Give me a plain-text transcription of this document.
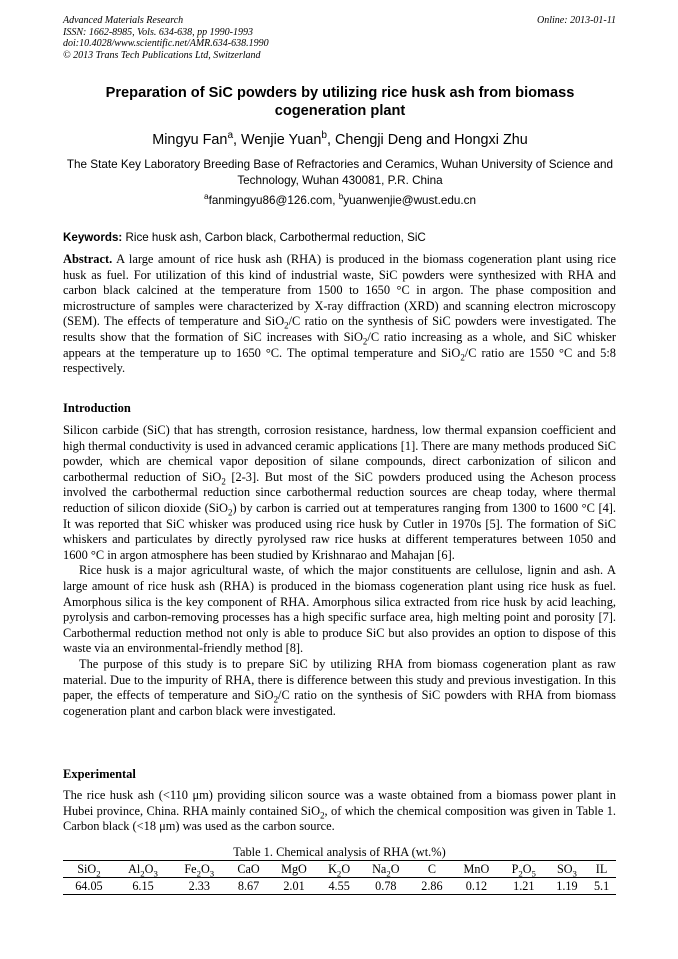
Advanced Materials Research
ISSN: 1662-8985, Vols. 634-638, pp 1990-1993
doi:10.4028/www.scientific.net/AMR.634-638.1990
© 2013 Trans Tech Publications Ltd, Switzerland
Online: 2013-01-11
Preparation of SiC powders by utilizing rice husk ash from biomass cogeneration plant
Mingyu Fan$^a$, Wenjie Yuan$^b$, Chengji Deng and Hongxi Zhu
The State Key Laboratory Breeding Base of Refractories and Ceramics, Wuhan University of Science and Technology, Wuhan 430081, P.R. China
$^a$fanmingyu86@126.com, $^b$yuanwenjie@wust.edu.cn
Keywords: Rice husk ash, Carbon black, Carbothermal reduction, SiC
Abstract. A large amount of rice husk ash (RHA) is produced in the biomass cogeneration plant using rice husk as fuel. For utilization of this kind of industrial waste, SiC powders were synthesized with RHA and carbon black calcined at the temperature from 1500 to 1650 °C in argon. The phase composition and microstructure of samples were characterized by X-ray diffraction (XRD) and scanning electron microscopy (SEM). The effects of temperature and SiO$_2$/C ratio on the synthesis of SiC powders were investigated. The results show that the formation of SiC increases with SiO$_2$/C ratio increasing as a whole, and SiC whisker appears at the temperature up to 1650 °C. The optimal temperature and SiO$_2$/C ratio are 1550 °C and 5:8 respectively.
Introduction

Silicon carbide (SiC) that has strength, corrosion resistance, hardness, low thermal expansion coefficient and high thermal conductivity is used in advanced ceramic applications [1]. There are many methods produced SiC powder, which are chemical vapor deposition of silane compounds, direct carbonization of silicon and carbothermal reduction of SiO$_2$ [2-3]. But most of the SiC powders produced using the Acheson process involved the carbothermal reduction since carbothermal reduction sources are cheap today, where thermal reduction of silicon dioxide (SiO$_2$) by carbon is carried out at temperatures ranging from 1300 to 1600 °C [4]. It was reported that SiC whisker was produced using rice husk by Cutler in 1970s [5]. The formation of SiC whiskers and particulates by directly pyrolysed raw rice husks at different temperatures between 1050 and 1600 °C in argon atmosphere has been studied by Krishnarao and Mahajan [6].

Rice husk is a major agricultural waste, of which the major constituents are cellulose, lignin and ash. A large amount of rice husk ash (RHA) is produced in the biomass cogeneration plant using rice husk as fuel. Amorphous silica is the key component of RHA. Amorphous silica extracted from rice husk by acid leaching, pyrolysis and carbon-removing processes has a high specific surface area, high melting point and porosity [7]. Carbothermal reduction method not only is able to produce SiC but also provides an option to dispose of this waste via an environmental-friendly method [8].

The purpose of this study is to prepare SiC by utilizing RHA from biomass cogeneration plant as raw material. Due to the impurity of RHA, there is difference between this study and previous investigation. In this paper, the effects of temperature and SiO$_2$/C ratio on the synthesis of SiC powders with RHA from biomass cogeneration plant and carbon black were investigated.

Experimental

The rice husk ash (<110 μm) providing silicon source was a waste obtained from a biomass power plant in Hubei province, China. RHA mainly contained SiO$_2$, of which the chemical composition was given in Table 1. Carbon black (<18 μm) was used as the carbon source.

Table 1. Chemical analysis of RHA (wt.%)
SiO$_2$	$Al_2O_3$	$Fe_2O_3$	CaO	MgO	$K_2O$	$Na_2O$	C	MnO	$P_2O_5$	$SO_3$	IL
64.05	6.15	2.33	8.67	2.01	4.55	0.78	2.86	0.12	1.21	1.19	5.1
